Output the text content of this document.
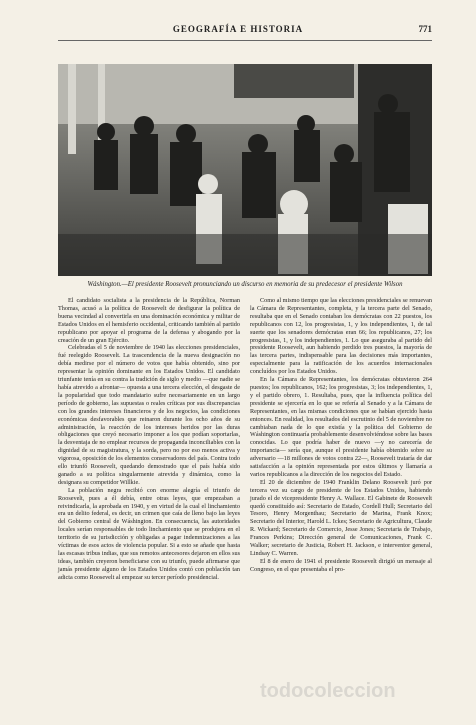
GEOGRAFÍA E HISTORIA	771
Wáshington.—El presidente Roosevelt pronunciando un discurso en memoria de su predecesor el presidente Wilson

El candidato socialista a la presidencia de la República, Norman Thomas, acusó a la política de Roosevelt de desfigurar la política de buena vecindad al convertirla en una dominación económica y militar de Estados Unidos en el hemisferio occidental, criticando también al partido republicano por apoyar el programa de la defensa y abogando por la creación de un gran Ejército.

Celebradas el 5 de noviembre de 1940 las elecciones presidenciales, fué reelegido Roosevelt. La trascendencia de la nueva designación no debía medirse por el número de votos que había obtenido, sino por representar la opinión dominante en los Estados Unidos. El candidato triunfante tenía en su contra la tradición de siglo y medio —que nadie se había atrevido a afrontar— opuesta a una tercera elección, el desgaste de la popularidad que todo mandatario sufre necesariamente en un largo período de gobierno, las supuestas o reales críticas por sus discrepancias con los grandes intereses financieros y de los negocios, las condiciones económicas desfavorables que reinaron durante los ocho años de su administración, la reacción de los intereses heridos por las duras obligaciones que creyó necesario imponer a los que podían soportarlas, la desventaja de no emplear recursos de propaganda inconciliables con la dignidad de su magistratura, y la sorda, pero no por eso menos activa y vigorosa, oposición de los elementos conservadores del país. Contra todo ello triunfó Roosevelt, quedando demostrado que el país había sido ganado a su política singularmente atrevida y dinámica, como la designara su competidor Willkie.

La población negra recibió con enorme alegría el triunfo de Roosevelt, pues a él debía, entre otras leyes, que empezaban a reivindicarla, la aprobada en 1940, y en virtud de la cual el linchamiento era un delito federal, es decir, un crimen que caía de lleno bajo las leyes del Gobierno central de Wáshington. En consecuencia, las autoridades locales serían responsables de todo linchamiento que se produjera en el territorio de su jurisdicción y obligadas a pagar indemnizaciones a las víctimas de esos actos de violencia popular. Si a esto se añade que hasta las escasas tribus indias, que sus remotos antecesores dejaron en ellos sus ideas, también creyeron beneficiarse con su triunfo, puede afirmarse que jamás presidente alguno de los Estados Unidos contó con población tan adicta como Roosevelt al empezar su tercer período presidencial.

Como al mismo tiempo que las elecciones presidenciales se renuevan la Cámara de Representantes, completa, y la tercera parte del Senado, resultaba que en el Senado contaban los demócratas con 22 puestos, los republicanos con 12, los progresistas, 1, y los independientes, 1, de tal suerte que los senadores demócratas eran 66; los republicanos, 27; los progresistas, 1, y los independientes, 1. Lo que aseguraba al partido del presidente Roosevelt, aun habiendo perdido tres puestos, la mayoría de las tercera partes, indispensable para las decisiones más importantes, especialmente para la ratificación de los acuerdos internacionales concluídos por los Estados Unidos.

En la Cámara de Representantes, los demócratas obtuvieron 264 puestos; los republicanos, 162; los progresistas, 3; los independientes, 1, y el partido obrero, 1. Resultaba, pues, que la influencia política del presidente se ejercería en lo que se refería al Senado y a la Cámara de Representantes, en las mismas condiciones que se habían ejercido hasta entonces. En realidad, los resultados del escrutinio del 5 de noviembre no cambiaban nada de lo que existía y la política del Gobierno de Wáshington continuaría probablemente desenvolviéndose sobre las bases conocidas. Lo que podría haber de nuevo —y no carecería de importancia— sería que, aunque el presidente había obtenido sobre su adversario —18 millones de votos contra 22—, Roosevelt trataría de dar satisfacción a la opinión representada por estos últimos y llamaría a varios republicanos a la dirección de los negocios del Estado.

El 20 de diciembre de 1940 Franklin Delano Roosevelt juró por tercera vez su cargo de presidente de los Estados Unidos, habiendo jurado el de vicepresidente Henry A. Wallace. El Gabinete de Roosevelt quedó constituído así: Secretario de Estado, Cordell Hull; Secretario del Tesoro, Henry Morgenthau; Secretario de Marina, Frank Knox; Secretario del Interior, Harold L. Ickes; Secretario de Agricultura, Claude R. Wickard; Secretario de Comercio, Jesse Jones; Secretaria de Trabajo, Frances Perkins; Dirección general de Comunicaciones, Frank C. Walker; secretario de Justicia, Robert H. Jackson, e interventor general, Lindsay C. Warren.

El 8 de enero de 1941 el presidente Roosevelt dirigió un mensaje al Congreso, en el que presentaba el pro-

todocoleccion
